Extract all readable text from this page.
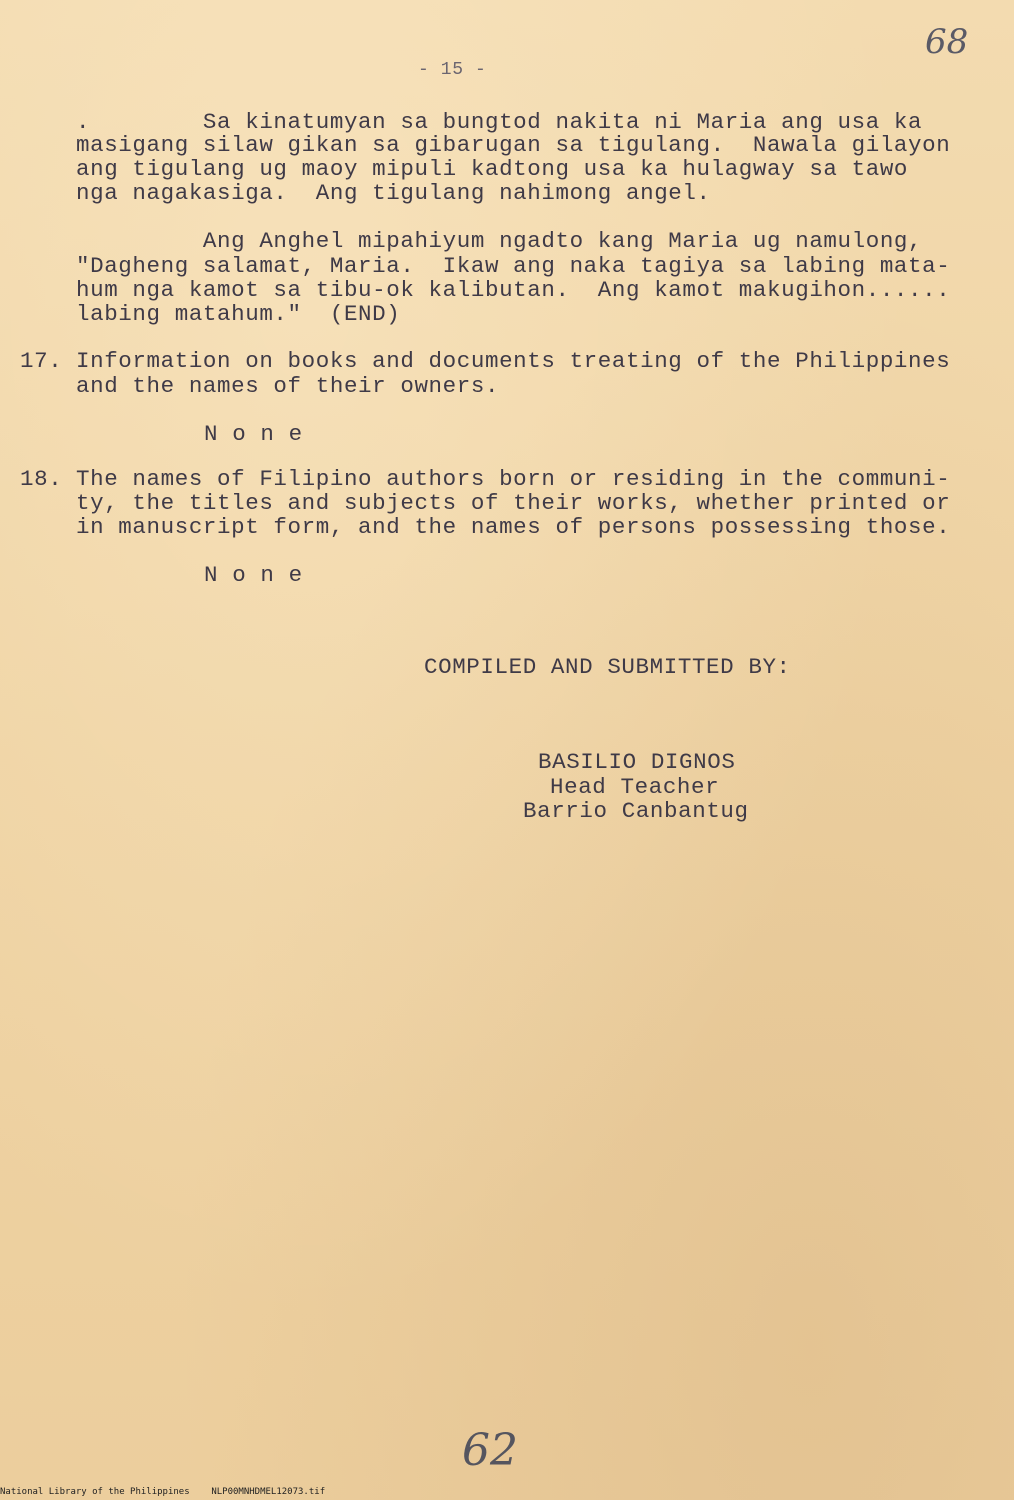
- 15 -
68
.        Sa kinatumyan sa bungtod nakita ni Maria ang usa ka
masigang silaw gikan sa gibarugan sa tigulang.  Nawala gilayon
ang tigulang ug maoy mipuli kadtong usa ka hulagway sa tawo
nga nagakasiga.  Ang tigulang nahimong angel.
Ang Anghel mipahiyum ngadto kang Maria ug namulong,
"Dagheng salamat, Maria.  Ikaw ang naka tagiya sa labing mata-
hum nga kamot sa tibu-ok kalibutan.  Ang kamot makugihon......
labing matahum."  (END)
17. Information on books and documents treating of the Philippines
and the names of their owners.
N o n e
18. The names of Filipino authors born or residing in the communi-
ty, the titles and subjects of their works, whether printed or
in manuscript form, and the names of persons possessing those.
N o n e
COMPILED AND SUBMITTED BY:
BASILIO DIGNOS
Head Teacher
Barrio Canbantug
62
National Library of the Philippines    NLP00MNHDMEL12073.tif
